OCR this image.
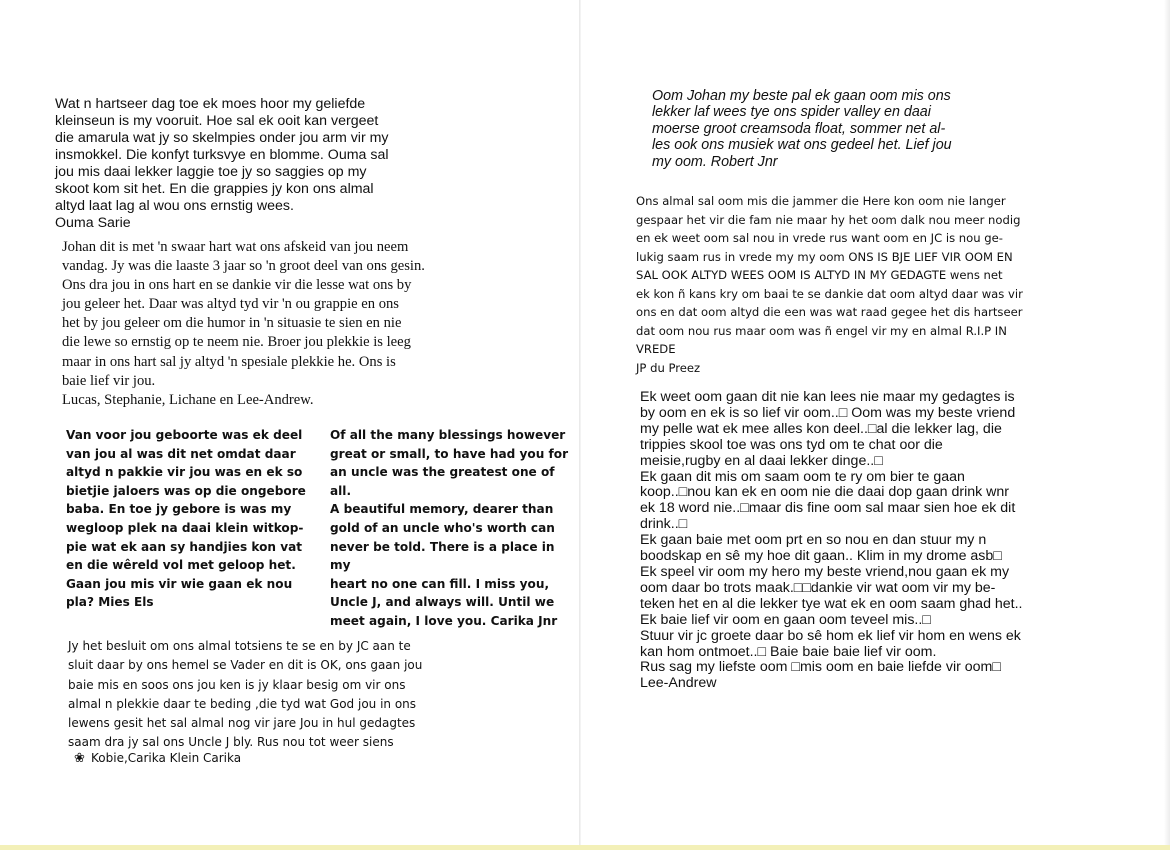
Wat n hartseer dag toe ek moes hoor my geliefde
kleinseun is my vooruit. Hoe sal ek ooit kan vergeet
die amarula wat jy so skelmpies onder jou arm vir my
insmokkel. Die konfyt turksvye en blomme. Ouma sal
jou mis daai lekker laggie toe jy so saggies op my
skoot kom sit het. En die grappies jy kon ons almal
altyd laat lag al wou ons ernstig wees.
Ouma Sarie

Johan dit is met 'n swaar hart wat ons afskeid van jou neem
vandag. Jy was die laaste 3 jaar so 'n groot deel van ons gesin.
Ons dra jou in ons hart en se dankie vir die lesse wat ons by
jou geleer het. Daar was altyd tyd vir 'n ou grappie en ons
het by jou geleer om die humor in 'n situasie te sien en nie
die lewe so ernstig op te neem nie. Broer jou plekkie is leeg
maar in ons hart sal jy altyd 'n spesiale plekkie he. Ons is
baie lief vir jou.
Lucas, Stephanie, Lichane en Lee-Andrew.

Van voor jou geboorte was ek deel
van jou al was dit net omdat daar
altyd n pakkie vir jou was en ek so
bietjie jaloers was op die ongebore
baba. En toe jy gebore is was my
wegloop plek na daai klein witkop-
pie wat ek aan sy handjies kon vat
en die wêreld vol met geloop het.
Gaan jou mis vir wie gaan ek nou
pla? Mies Els

Of all the many blessings however
great or small, to have had you for
an uncle was the greatest one of all.
A beautiful memory, dearer than
gold of an uncle who's worth can
never be told. There is a place in my
heart no one can fill. I miss you,
Uncle J, and always will. Until we
meet again, I love you. Carika Jnr

Jy het besluit om ons almal totsiens te se en by JC aan te
sluit daar by ons hemel se Vader en dit is OK, ons gaan jou
baie mis en soos ons jou ken is jy klaar besig om vir ons
almal n plekkie daar te beding ,die tyd wat God jou in ons
lewens gesit het sal almal nog vir jare Jou in hul gedagtes
saam dra jy sal ons Uncle J bly. Rus nou tot weer siens

❀ Kobie,Carika Klein Carika

Oom Johan my beste pal ek gaan oom mis ons
lekker laf wees tye ons spider valley en daai
moerse groot creamsoda float, sommer net al-
les ook ons musiek wat ons gedeel het. Lief jou
my oom. Robert Jnr

Ons almal sal oom mis die jammer die Here kon oom nie langer
gespaar het vir die fam nie maar hy het oom dalk nou meer nodig
en ek weet oom sal nou in vrede rus want oom en JC is nou ge-
lukig saam rus in vrede my my oom ONS IS BJE LIEF VIR OOM EN
SAL OOK ALTYD WEES OOM IS ALTYD IN MY GEDAGTE wens net
ek kon ñ kans kry om baai te se dankie dat oom altyd daar was vir
ons en dat oom altyd die een was wat raad gegee het dis hartseer
dat oom nou rus maar oom was ñ engel vir my en almal R.I.P IN
VREDE
JP du Preez

Ek weet oom gaan dit nie kan lees nie maar my gedagtes is
by oom en ek is so lief vir oom..□ Oom was my beste vriend
my pelle wat ek mee alles kon deel..□al die lekker lag, die
trippies skool toe was ons tyd om te chat oor die
meisie,rugby en al daai lekker dinge..□
Ek gaan dit mis om saam oom te ry om bier te gaan
koop..□nou kan ek en oom nie die daai dop gaan drink wnr
ek 18 word nie..□maar dis fine oom sal maar sien hoe ek dit
drink..□
Ek gaan baie met oom prt en so nou en dan stuur my n
boodskap en sê my hoe dit gaan.. Klim in my drome asb□
Ek speel vir oom my hero my beste vriend,nou gaan ek my
oom daar bo trots maak.□□dankie vir wat oom vir my be-
teken het en al die lekker tye wat ek en oom saam ghad het..
Ek baie lief vir oom en gaan oom teveel mis..□
Stuur vir jc groete daar bo sê hom ek lief vir hom en wens ek
kan hom ontmoet..□ Baie baie baie lief vir oom.
Rus sag my liefste oom □mis oom en baie liefde vir oom□
Lee-Andrew
